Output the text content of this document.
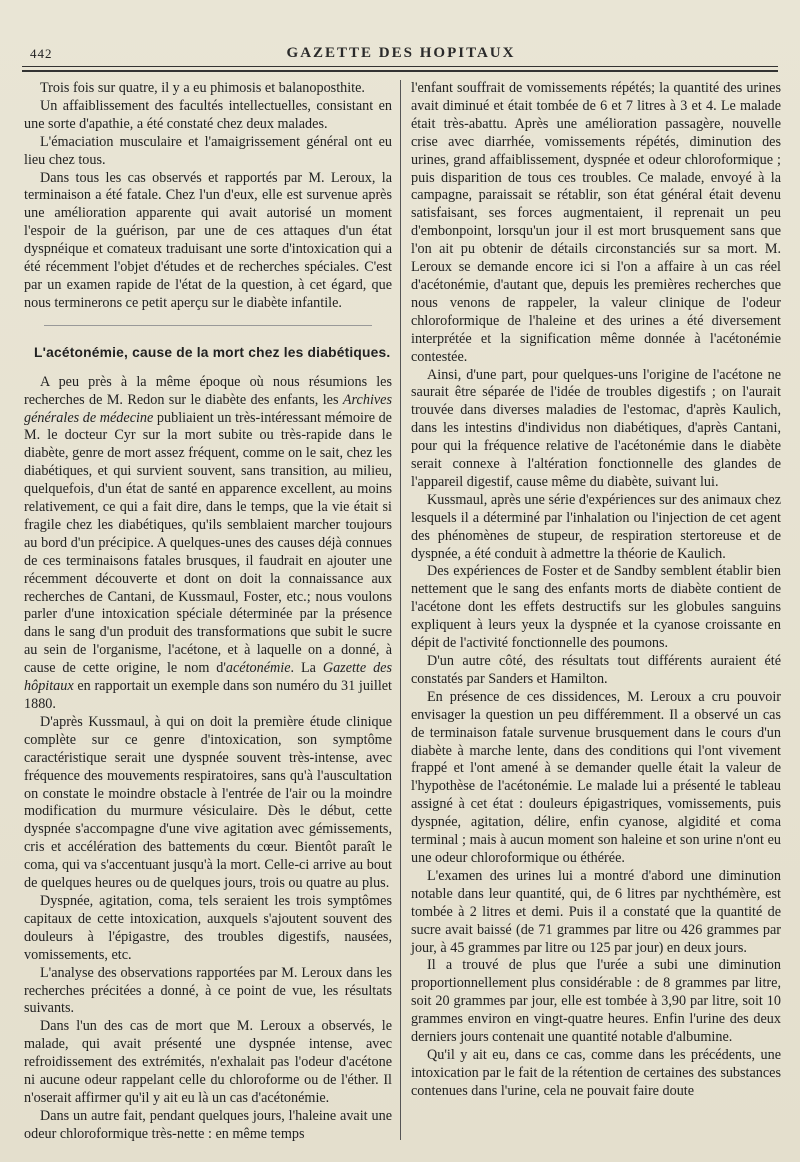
442	GAZETTE DES HOPITAUX

Trois fois sur quatre, il y a eu phimosis et balanoposthite.

Un affaiblissement des facultés intellectuelles, consistant en une sorte d'apathie, a été constaté chez deux malades.

L'émaciation musculaire et l'amaigrissement général ont eu lieu chez tous.

Dans tous les cas observés et rapportés par M. Leroux, la terminaison a été fatale. Chez l'un d'eux, elle est survenue après une amélioration apparente qui avait autorisé un moment l'espoir de la guérison, par une de ces attaques d'un état dyspnéique et comateux traduisant une sorte d'intoxication qui a été récemment l'objet d'études et de recherches spéciales. C'est par un examen rapide de l'état de la question, à cet égard, que nous terminerons ce petit aperçu sur le diabète infantile.

L'acétonémie, cause de la mort chez les diabétiques.

A peu près à la même époque où nous résumions les recherches de M. Redon sur le diabète des enfants, les Archives générales de médecine publiaient un très-intéressant mémoire de M. le docteur Cyr sur la mort subite ou très-rapide dans le diabète, genre de mort assez fréquent, comme on le sait, chez les diabétiques, et qui survient souvent, sans transition, au milieu, quelquefois, d'un état de santé en apparence excellent, au moins relativement, ce qui a fait dire, dans le temps, que la vie était si fragile chez les diabétiques, qu'ils semblaient marcher toujours au bord d'un précipice. A quelques-unes des causes déjà connues de ces terminaisons fatales brusques, il faudrait en ajouter une récemment découverte et dont on doit la connaissance aux recherches de Cantani, de Kussmaul, Foster, etc.; nous voulons parler d'une intoxication spéciale déterminée par la présence dans le sang d'un produit des transformations que subit le sucre au sein de l'organisme, l'acétone, et à laquelle on a donné, à cause de cette origine, le nom d'acétonémie. La Gazette des hôpitaux en rapportait un exemple dans son numéro du 31 juillet 1880.

D'après Kussmaul, à qui on doit la première étude clinique complète sur ce genre d'intoxication, son symptôme caractéristique serait une dyspnée souvent très-intense, avec fréquence des mouvements respiratoires, sans qu'à l'auscultation on constate le moindre obstacle à l'entrée de l'air ou la moindre modification du murmure vésiculaire. Dès le début, cette dyspnée s'accompagne d'une vive agitation avec gémissements, cris et accélération des battements du cœur. Bientôt paraît le coma, qui va s'accentuant jusqu'à la mort. Celle-ci arrive au bout de quelques heures ou de quelques jours, trois ou quatre au plus.

Dyspnée, agitation, coma, tels seraient les trois symptômes capitaux de cette intoxication, auxquels s'ajoutent souvent des douleurs à l'épigastre, des troubles digestifs, nausées, vomissements, etc.

L'analyse des observations rapportées par M. Leroux dans les recherches précitées a donné, à ce point de vue, les résultats suivants.

Dans l'un des cas de mort que M. Leroux a observés, le malade, qui avait présenté une dyspnée intense, avec refroidissement des extrémités, n'exhalait pas l'odeur d'acétone ni aucune odeur rappelant celle du chloroforme ou de l'éther. Il n'oserait affirmer qu'il y ait eu là un cas d'acétonémie.

Dans un autre fait, pendant quelques jours, l'haleine avait une odeur chloroformique très-nette : en même temps

l'enfant souffrait de vomissements répétés; la quantité des urines avait diminué et était tombée de 6 et 7 litres à 3 et 4. Le malade était très-abattu. Après une amélioration passagère, nouvelle crise avec diarrhée, vomissements répétés, diminution des urines, grand affaiblissement, dyspnée et odeur chloroformique ; puis disparition de tous ces troubles. Ce malade, envoyé à la campagne, paraissait se rétablir, son état général était devenu satisfaisant, ses forces augmentaient, il reprenait un peu d'embonpoint, lorsqu'un jour il est mort brusquement sans que l'on ait pu obtenir de détails circonstanciés sur sa mort. M. Leroux se demande encore ici si l'on a affaire à un cas réel d'acétonémie, d'autant que, depuis les premières recherches que nous venons de rappeler, la valeur clinique de l'odeur chloroformique de l'haleine et des urines a été diversement interprétée et la signification même donnée à l'acétonémie contestée.

Ainsi, d'une part, pour quelques-uns l'origine de l'acétone ne saurait être séparée de l'idée de troubles digestifs ; on l'aurait trouvée dans diverses maladies de l'estomac, d'après Kaulich, dans les intestins d'individus non diabétiques, d'après Cantani, pour qui la fréquence relative de l'acétonémie dans le diabète serait connexe à l'altération fonctionnelle des glandes de l'appareil digestif, cause même du diabète, suivant lui.

Kussmaul, après une série d'expériences sur des animaux chez lesquels il a déterminé par l'inhalation ou l'injection de cet agent des phénomènes de stupeur, de respiration stertoreuse et de dyspnée, a été conduit à admettre la théorie de Kaulich.

Des expériences de Foster et de Sandby semblent établir bien nettement que le sang des enfants morts de diabète contient de l'acétone dont les effets destructifs sur les globules sanguins expliquent à leurs yeux la dyspnée et la cyanose croissante en dépit de l'activité fonctionnelle des poumons.

D'un autre côté, des résultats tout différents auraient été constatés par Sanders et Hamilton.

En présence de ces dissidences, M. Leroux a cru pouvoir envisager la question un peu différemment. Il a observé un cas de terminaison fatale survenue brusquement dans le cours d'un diabète à marche lente, dans des conditions qui l'ont vivement frappé et l'ont amené à se demander quelle était la valeur de l'hypothèse de l'acétonémie. Le malade lui a présenté le tableau assigné à cet état : douleurs épigastriques, vomissements, puis dyspnée, agitation, délire, enfin cyanose, algidité et coma terminal ; mais à aucun moment son haleine et son urine n'ont eu une odeur chloroformique ou éthérée.

L'examen des urines lui a montré d'abord une diminution notable dans leur quantité, qui, de 6 litres par nychthémère, est tombée à 2 litres et demi. Puis il a constaté que la quantité de sucre avait baissé (de 71 grammes par litre ou 426 grammes par jour, à 45 grammes par litre ou 125 par jour) en deux jours.

Il a trouvé de plus que l'urée a subi une diminution proportionnellement plus considérable : de 8 grammes par litre, soit 20 grammes par jour, elle est tombée à 3,90 par litre, soit 10 grammes environ en vingt-quatre heures. Enfin l'urine des deux derniers jours contenait une quantité notable d'albumine.

Qu'il y ait eu, dans ce cas, comme dans les précédents, une intoxication par le fait de la rétention de certaines des substances contenues dans l'urine, cela ne pouvait faire doute
